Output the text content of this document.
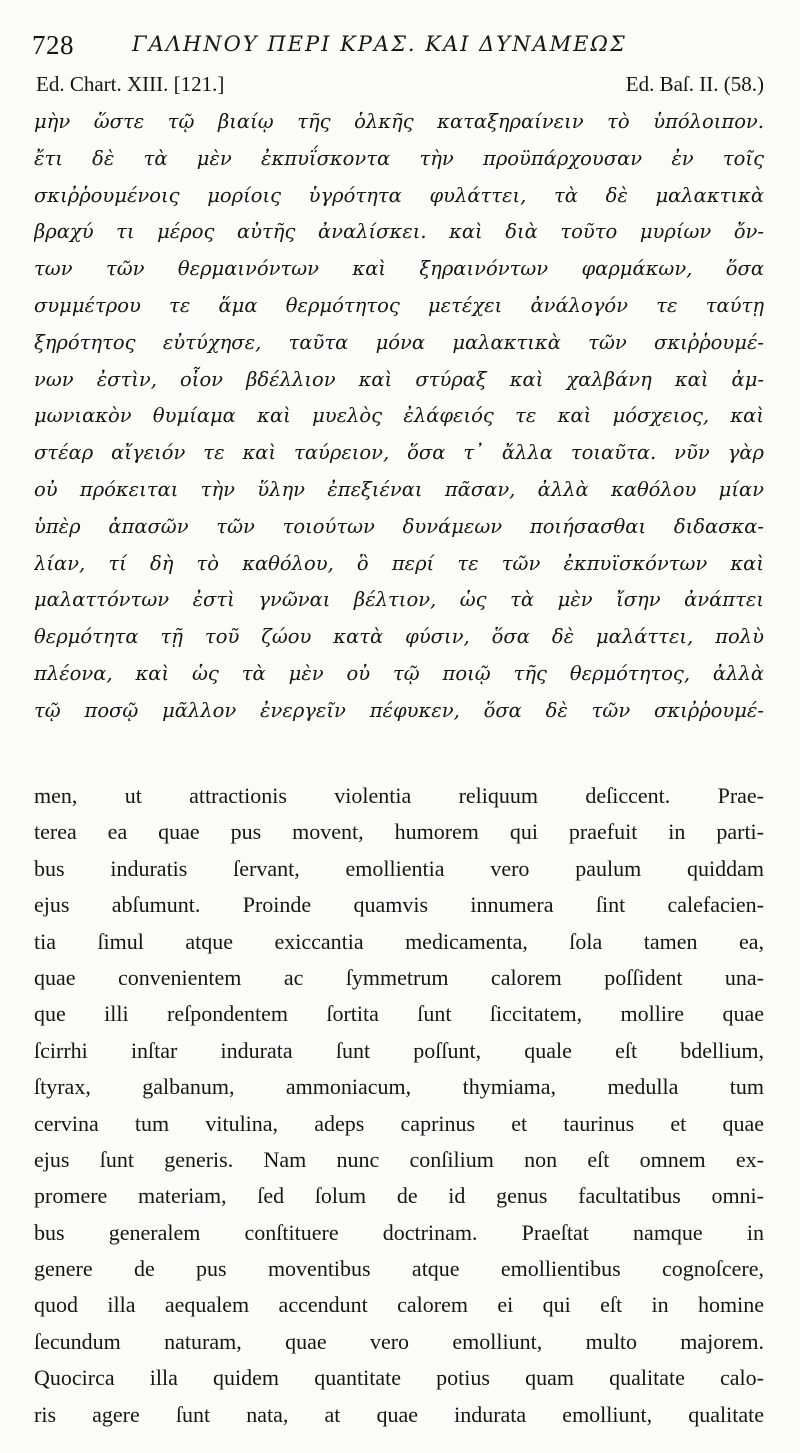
728	ΓΑΛΗΝΟΥ ΠΕΡΙ ΚΡΑΣ. ΚΑΙ ΔΥΝΑΜΕΩΣ
Ed. Chart. XIII. [121.]	Ed. Baſ. II. (58.)
μὴν ὥστε τῷ βιαίῳ τῆς ὁλκῆς καταξηραίνειν τὸ ὑπόλοιπον.
ἔτι δὲ τὰ μὲν ἐκπυΐσκοντα τὴν προϋπάρχουσαν ἐν τοῖς
σκιῤῥουμένοις μορίοις ὑγρότητα φυλάττει, τὰ δὲ μαλακτικὰ
βραχύ τι μέρος αὐτῆς ἀναλίσκει. καὶ διὰ τοῦτο μυρίων ὄν-
των τῶν θερμαινόντων καὶ ξηραινόντων φαρμάκων, ὅσα
συμμέτρου τε ἅμα θερμότητος μετέχει ἀνάλογόν τε ταύτῃ
ξηρότητος εὐτύχησε, ταῦτα μόνα μαλακτικὰ τῶν σκιῤῥουμέ-
νων ἐστὶν, οἷον βδέλλιον καὶ στύραξ καὶ χαλβάνη καὶ ἀμ-
μωνιακὸν θυμίαμα καὶ μυελὸς ἐλάφειός τε καὶ μόσχειος, καὶ
στέαρ αἴγειόν τε καὶ ταύρειον, ὅσα τ᾽ ἄλλα τοιαῦτα. νῦν γὰρ
οὐ πρόκειται τὴν ὕλην ἐπεξιέναι πᾶσαν, ἀλλὰ καθόλου μίαν
ὑπὲρ ἁπασῶν τῶν τοιούτων δυνάμεων ποιήσασθαι διδασκα-
λίαν, τί δὴ τὸ καθόλου, ὃ περί τε τῶν ἐκπυϊσκόντων καὶ
μαλαττόντων ἐστὶ γνῶναι βέλτιον, ὡς τὰ μὲν ἴσην ἀνάπτει
θερμότητα τῇ τοῦ ζώου κατὰ φύσιν, ὅσα δὲ μαλάττει, πολὺ
πλέονα, καὶ ὡς τὰ μὲν οὐ τῷ ποιῷ τῆς θερμότητος, ἀλλὰ
τῷ ποσῷ μᾶλλον ἐνεργεῖν πέφυκεν, ὅσα δὲ τῶν σκιῤῥουμέ-
men, ut attractionis violentia reliquum deſiccent. Prae-
terea ea quae pus movent, humorem qui praefuit in parti-
bus induratis ſervant, emollientia vero paulum quiddam
ejus abſumunt. Proinde quamvis innumera ſint calefacien-
tia ſimul atque exiccantia medicamenta, ſola tamen ea,
quae convenientem ac ſymmetrum calorem poſſident una-
que illi reſpondentem ſortita ſunt ſiccitatem, mollire quae
ſcirrhi inſtar indurata ſunt poſſunt, quale eſt bdellium,
ſtyrax, galbanum, ammoniacum, thymiama, medulla tum
cervina tum vitulina, adeps caprinus et taurinus et quae
ejus ſunt generis. Nam nunc conſilium non eſt omnem ex-
promere materiam, ſed ſolum de id genus facultatibus omni-
bus generalem conſtituere doctrinam. Praeſtat namque in
genere de pus moventibus atque emollientibus cognoſcere,
quod illa aequalem accendunt calorem ei qui eſt in homine
ſecundum naturam, quae vero emolliunt, multo majorem.
Quocirca illa quidem quantitate potius quam qualitate calo-
ris agere ſunt nata, at quae indurata emolliunt, qualitate
